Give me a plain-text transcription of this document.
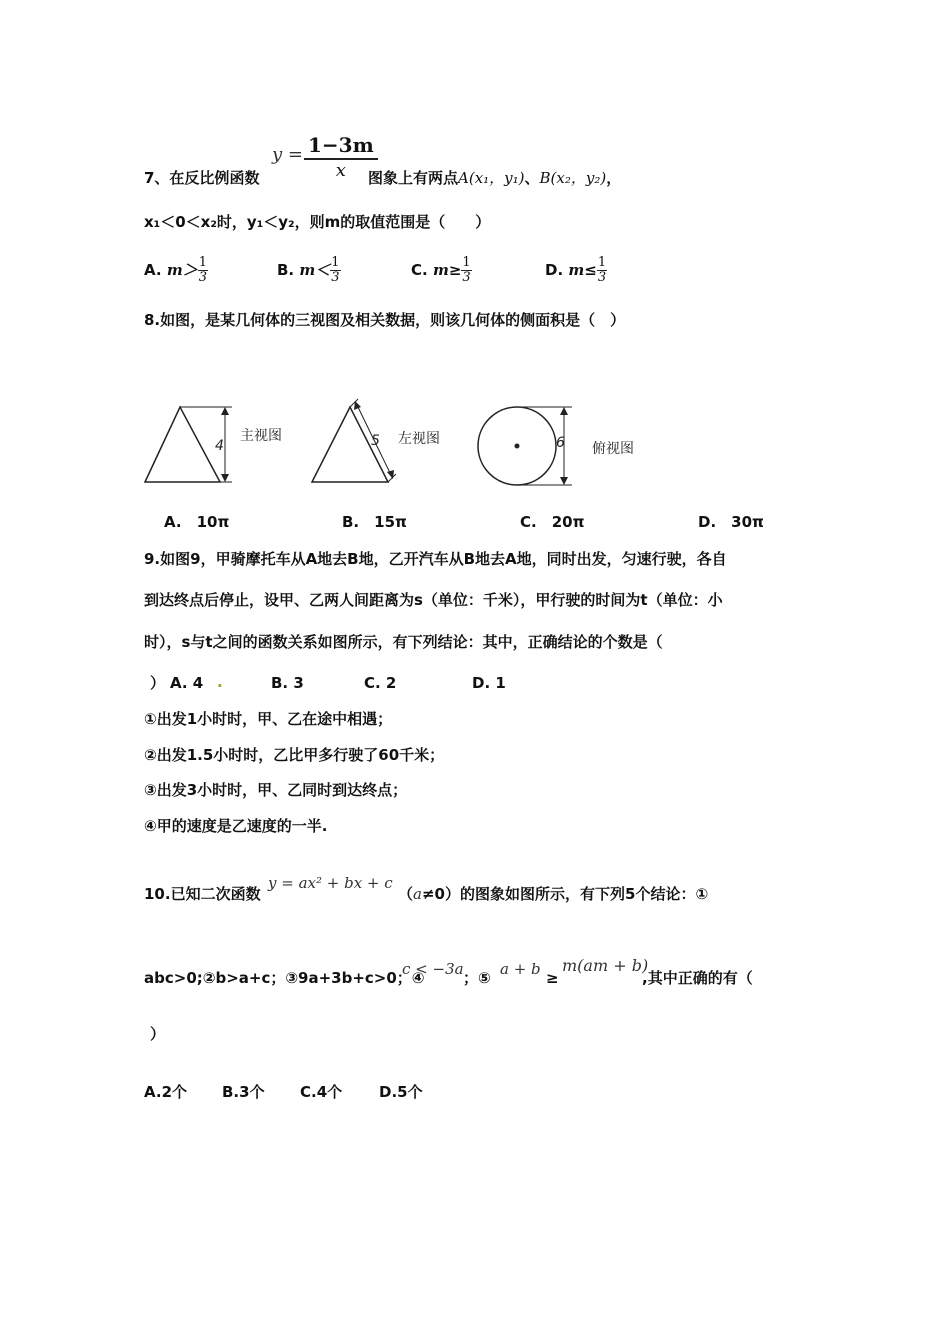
$y = \frac{1-3m}{x}$
7、在反比例函数	图象上有两点A(x₁，y₁)、B(x₂，y₂)，
x₁＜0＜x₂时，y₁＜y₂，则m的取值范围是（　　）
A. $m> \frac{1}{3}$	B. $m< \frac{1}{3}$	C. $m\ge \frac{1}{3}$	D. $m\le \frac{1}{3}$
8.如图，是某几何体的三视图及相关数据，则该几何体的侧面积是（　）
4
主视图	5 左视图	6 俯视图
A.　10π	B.　15π	C.　20π	D.　30π
9.如图9，甲骑摩托车从A地去B地，乙开汽车从B地去A地，同时出发，匀速行驶，各自
到达终点后停止，设甲、乙两人间距离为s（单位：千米），甲行驶的时间为t（单位：小
时），s与t之间的函数关系如图所示，有下列结论：其中，正确结论的个数是（
） A. 4 .	B. 3	C. 2	D. 1
①出发1小时时，甲、乙在途中相遇；
②出发1.5小时时，乙比甲多行驶了60千米；
③出发3小时时，甲、乙同时到达终点；
④甲的速度是乙速度的一半.
10.已知二次函数
y = ax² + bx + c
（a≠0）的图象如图所示，有下列5个结论：①
abc>0;②b>a+c；③9a+3b+c>0；④
c < −3a ；⑤ a + b ≥
m(am + b)
,其中正确的有（
）
A.2个 B.3个 C.4个 D.5个
